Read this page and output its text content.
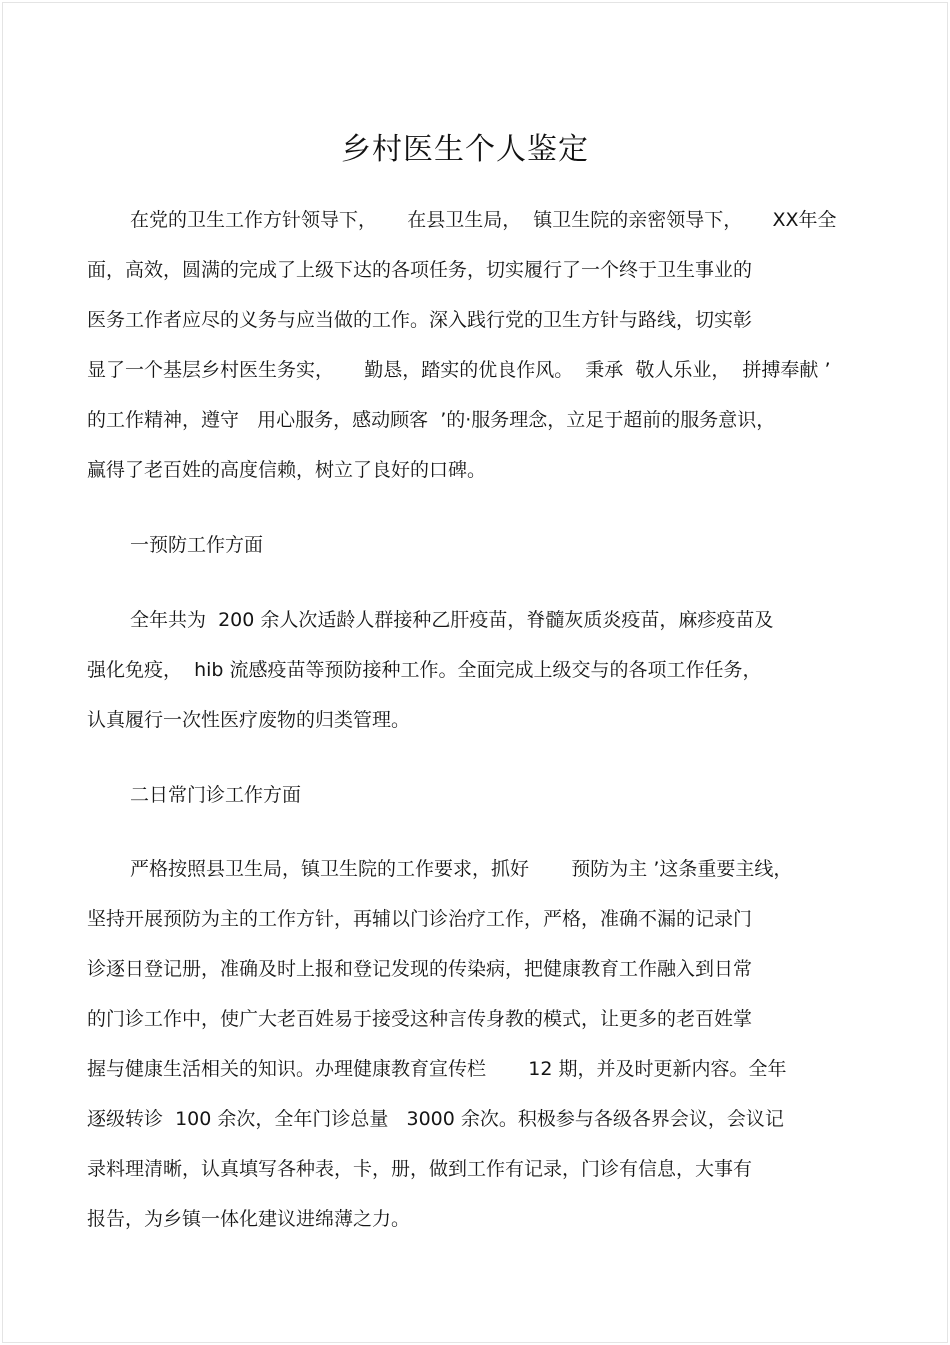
乡村医生个人鉴定
在党的卫生工作方针领导下，     在县卫生局，  镇卫生院的亲密领导下，     XX年全
面，高效，圆满的完成了上级下达的各项任务，切实履行了一个终于卫生事业的
医务工作者应尽的义务与应当做的工作。深入践行党的卫生方针与路线，切实彰
显了一个基层乡村医生务实，     勤恳，踏实的优良作风。  秉承  敬人乐业，  拼搏奉献 ’
的工作精神，遵守   用心服务，感动顾客  ’的·服务理念，立足于超前的服务意识，
赢得了老百姓的高度信赖，树立了良好的口碑。
一预防工作方面
全年共为  200 余人次适龄人群接种乙肝疫苗，脊髓灰质炎疫苗，麻疹疫苗及
强化免疫，  hib 流感疫苗等预防接种工作。全面完成上级交与的各项工作任务，
认真履行一次性医疗废物的归类管理。
二日常门诊工作方面
严格按照县卫生局，镇卫生院的工作要求，抓好       预防为主 ’这条重要主线，
坚持开展预防为主的工作方针，再辅以门诊治疗工作，严格，准确不漏的记录门
诊逐日登记册，准确及时上报和登记发现的传染病，把健康教育工作融入到日常
的门诊工作中，使广大老百姓易于接受这种言传身教的模式，让更多的老百姓掌
握与健康生活相关的知识。办理健康教育宣传栏       12 期，并及时更新内容。全年
逐级转诊  100 余次，全年门诊总量   3000 余次。积极参与各级各界会议，会议记
录料理清晰，认真填写各种表，卡，册，做到工作有记录，门诊有信息，大事有
报告，为乡镇一体化建议进绵薄之力。
